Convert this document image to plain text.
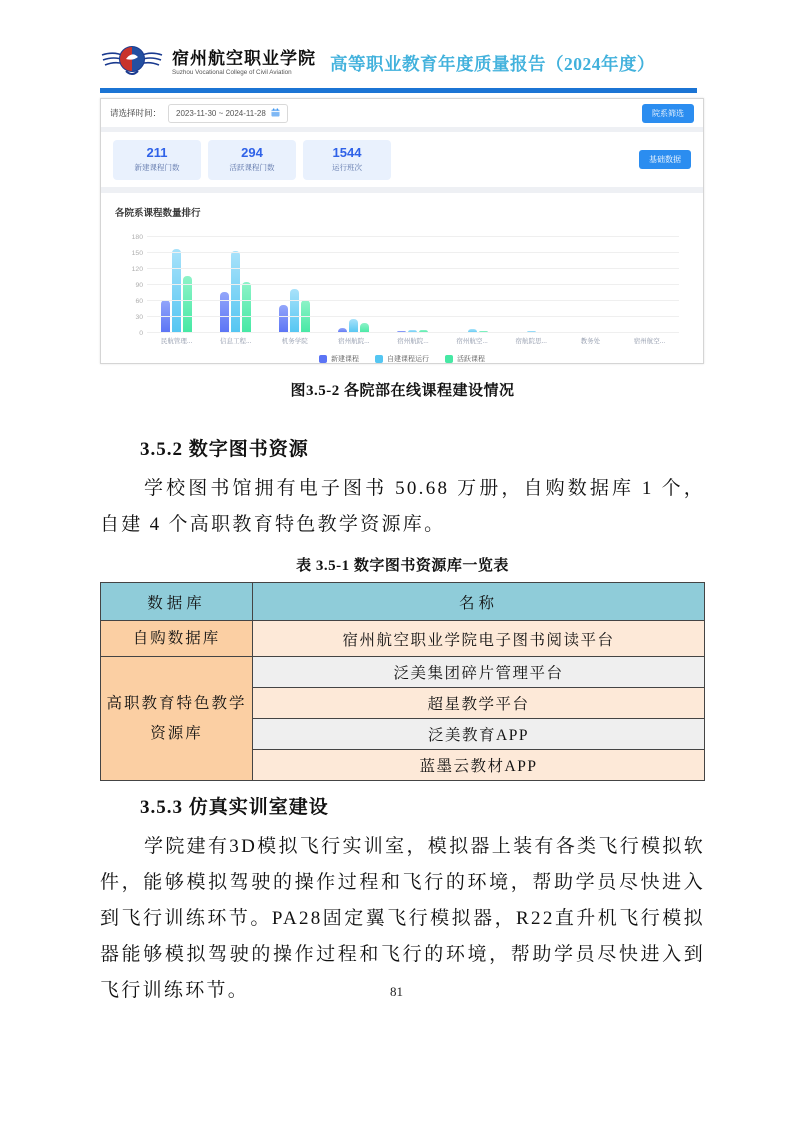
宿州航空职业学院
Suzhou Vocational College of Civil Aviation	高等职业教育年度质量报告（2024年度）
请选择时间： 2023-11-30 ~ 2024-11-28	院系筛选
211
新建课程门数
294
活跃课程门数
1544
运行班次
基础数据
各院系课程数量排行
0
30
60
90
120
150
180
民航管理...	信息工程...	机务学院	宿州航院...	宿州航院...	宿州航空...	宿航院思...	教务处	宿州航空...
新建课程	自建课程运行	活跃课程
图3.5-2 各院部在线课程建设情况
3.5.2 数字图书资源

学校图书馆拥有电子图书 50.68 万册，自购数据库 1 个，自建 4 个高职教育特色教学资源库。

表 3.5-1 数字图书资源库一览表
数据库	名称
自购数据库	宿州航空职业学院电子图书阅读平台
高职教育特色教学资源库	泛美集团碎片管理平台
	超星教学平台
	泛美教育APP
	蓝墨云教材APP
3.5.3 仿真实训室建设

学院建有3D模拟飞行实训室，模拟器上装有各类飞行模拟软件，能够模拟驾驶的操作过程和飞行的环境，帮助学员尽快进入到飞行训练环节。PA28固定翼飞行模拟器，R22直升机飞行模拟器能够模拟驾驶的操作过程和飞行的环境，帮助学员尽快进入到飞行训练环节。	81
